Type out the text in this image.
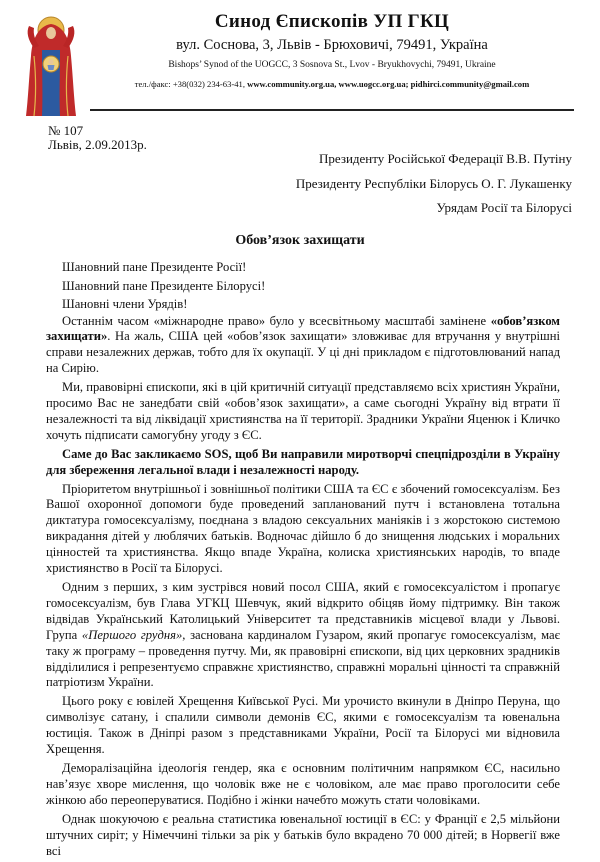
Синод Єпископів УП ГКЦ
вул. Соснова, 3, Львів - Брюховичі, 79491, Україна
Bishops’ Synod of the UOGCC, 3 Sosnova St., Lvov - Bryukhovychi, 79491, Ukraine
тел./факс: +38(032) 234-63-41, www.community.org.ua, www.uogcc.org.ua; pidhirci.community@gmail.com
№ 107
Львів, 2.09.2013р.
Президенту Російської Федерації В.В. Путіну
Президенту Республіки Білорусь О. Г. Лукашенку
Урядам Росії та Білорусі
Обов’язок захищати

Шановний пане Президенте Росії!

Шановний пане Президенте Білорусі!

Шановні члени Урядів!

Останнім часом «міжнародне право» було у всесвітньому масштабі замінене «обов’язком захищати». На жаль, США цей «обов’язок захищати» зловживає для втручання у внутрішні справи незалежних держав, тобто для їх окупації. У ці дні прикладом є підготовлюваний напад на Сирію.

Ми, правовірні єпископи, які в цій критичній ситуації представляємо всіх християн України, просимо Вас не занедбати свій «обов’язок захищати», а саме сьогодні Україну від втрати її незалежності та від ліквідації християнства на її території. Зрадники України Яценюк і Кличко хочуть підписати самогубну угоду з ЄС.

Саме до Вас закликаємо SOS, щоб Ви направили миротворчі спецпідрозділи в Україну для збереження легальної влади і незалежності народу.

Пріоритетом внутрішньої і зовнішньої політики США та ЄС є збочений гомосексуалізм. Без Вашої охоронної допомоги буде проведений запланований путч і встановлена тотальна диктатура гомосексуалізму, поєднана з владою сексуальних маніяків і з жорстокою системою викрадання дітей у люблячих батьків. Водночас дійшло б до знищення людських і моральних цінностей та християнства. Якщо впаде Україна, колиска християнських народів, то впаде християнство в Росії та Білорусі.

Одним з перших, з ким зустрівся новий посол США, який є гомосексуалістом і пропагує гомосексуалізм, був Глава УГКЦ Шевчук, який відкрито обіцяв йому підтримку. Він також відвідав Український Католицький Університет та представників місцевої влади у Львові. Група «Першого грудня», заснована кардиналом Гузаром, який пропагує гомосексуалізм, має таку ж програму – проведення путчу. Ми, як правовірні єпископи, від цих церковних зрадників відділилися і репрезентуємо справжнє християнство, справжні моральні цінності та справжній патріотизм України.

Цього року є ювілей Хрещення Київської Русі. Ми урочисто вкинули в Дніпро Перуна, що символізує сатану, і спалили символи демонів ЄС, якими є гомосексуалізм та ювенальна юстиція. Також в Дніпрі разом з представниками України, Росії та Білорусі ми відновила Хрещення.

Деморалізаційна ідеологія гендер, яка є основним політичним напрямком ЄС, насильно нав’язує хворе мислення, що чоловік вже не є чоловіком, але має право проголосити себе жінкою або переоперуватися. Подібно і жінки начебто можуть стати чоловіками.

Однак шокуючою є реальна статистика ювенальної юстиції в ЄС: у Франції є 2,5 мільйони штучних сиріт; у Німеччині тільки за рік у батьків було вкрадено 70 000 дітей; в Норвегії вже всі
